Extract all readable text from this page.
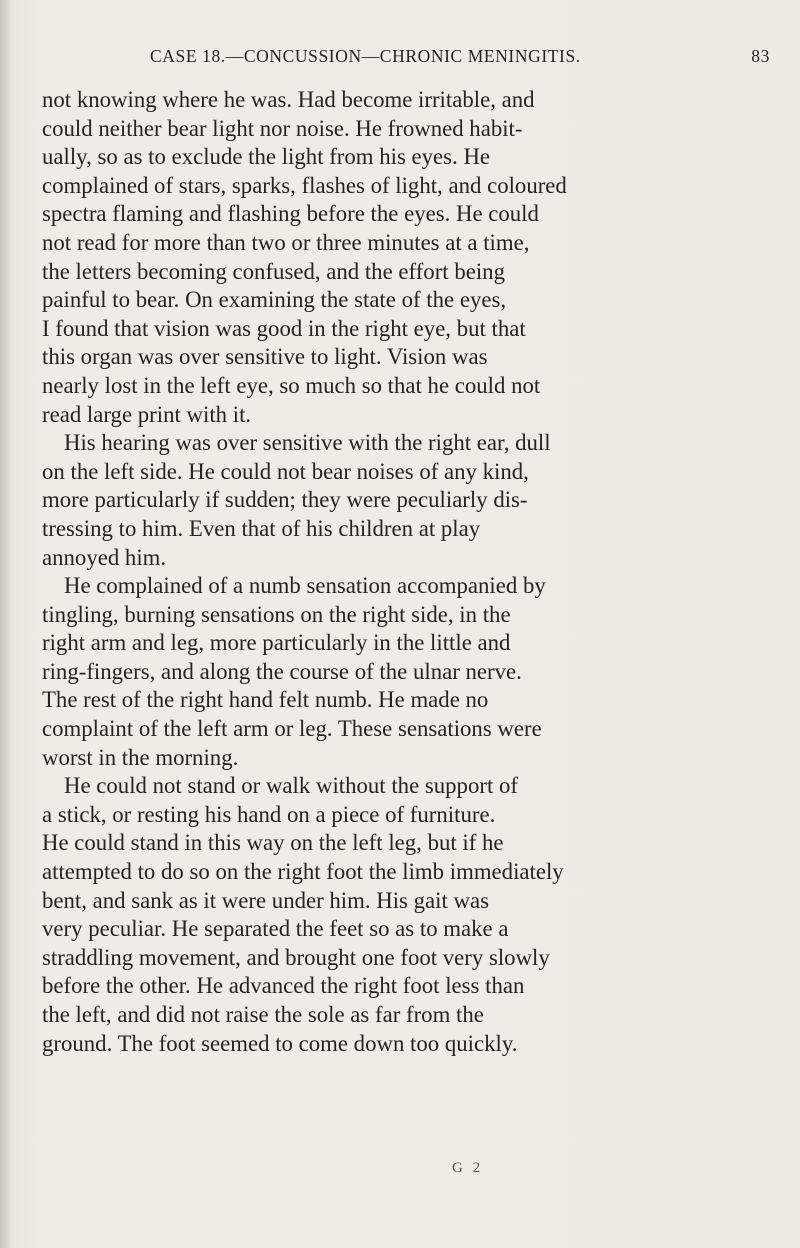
CASE 18.—CONCUSSION—CHRONIC MENINGITIS.	83
not knowing where he was. Had become irritable, and
could neither bear light nor noise. He frowned habit-
ually, so as to exclude the light from his eyes. He
complained of stars, sparks, flashes of light, and coloured
spectra flaming and flashing before the eyes. He could
not read for more than two or three minutes at a time,
the letters becoming confused, and the effort being
painful to bear. On examining the state of the eyes,
I found that vision was good in the right eye, but that
this organ was over sensitive to light. Vision was
nearly lost in the left eye, so much so that he could not
read large print with it.
His hearing was over sensitive with the right ear, dull
on the left side. He could not bear noises of any kind,
more particularly if sudden; they were peculiarly dis-
tressing to him. Even that of his children at play
annoyed him.
He complained of a numb sensation accompanied by
tingling, burning sensations on the right side, in the
right arm and leg, more particularly in the little and
ring-fingers, and along the course of the ulnar nerve.
The rest of the right hand felt numb. He made no
complaint of the left arm or leg. These sensations were
worst in the morning.
He could not stand or walk without the support of
a stick, or resting his hand on a piece of furniture.
He could stand in this way on the left leg, but if he
attempted to do so on the right foot the limb immediately
bent, and sank as it were under him. His gait was
very peculiar. He separated the feet so as to make a
straddling movement, and brought one foot very slowly
before the other. He advanced the right foot less than
the left, and did not raise the sole as far from the
ground. The foot seemed to come down too quickly.
G 2
